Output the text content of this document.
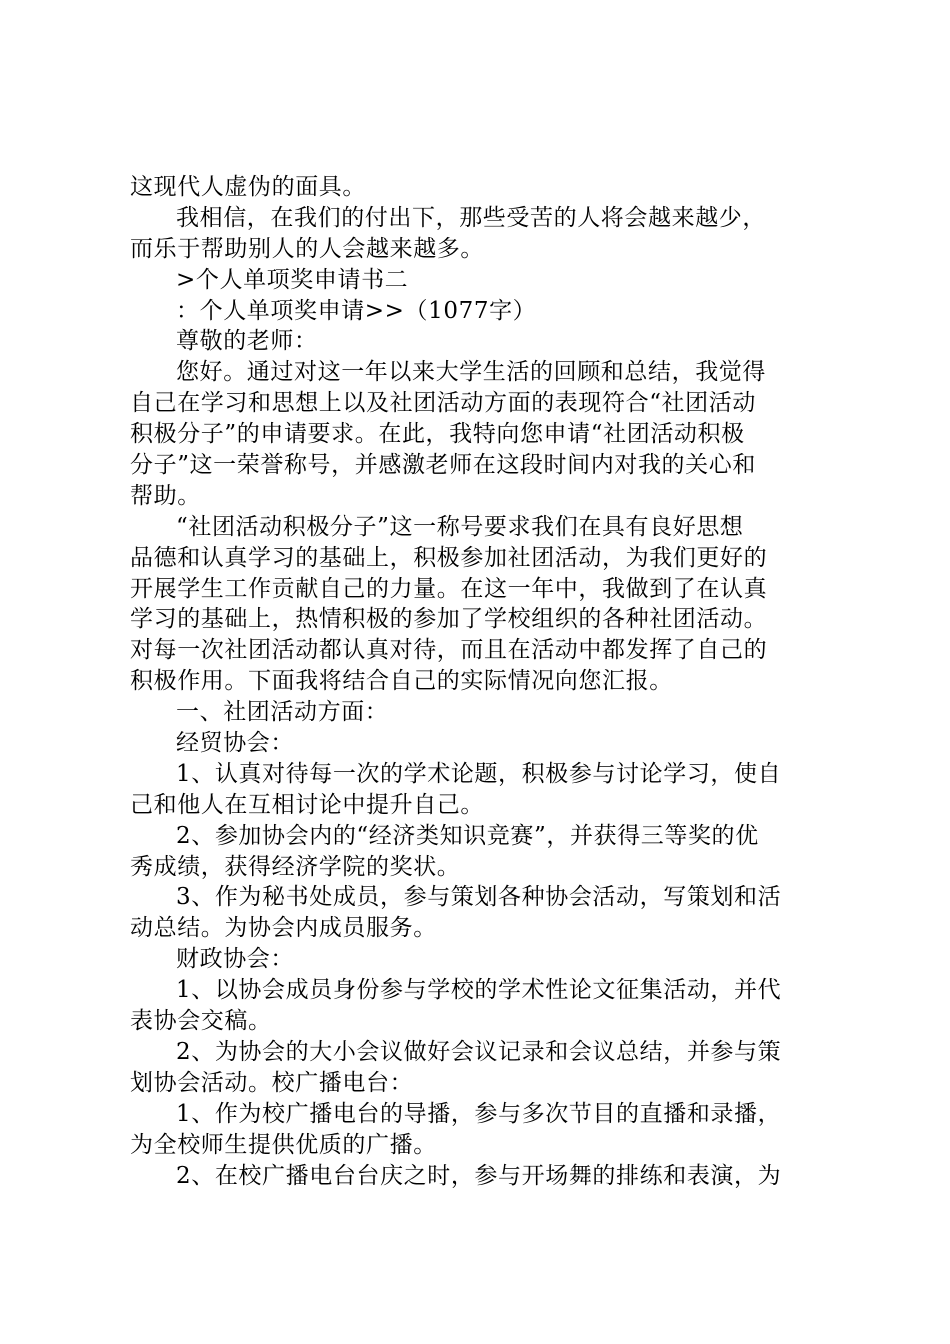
这现代人虚伪的面具。
我相信，在我们的付出下，那些受苦的人将会越来越少，
而乐于帮助别人的人会越来越多。
>个人单项奖申请书二
：个人单项奖申请>>（1077字）
尊敬的老师：
您好。通过对这一年以来大学生活的回顾和总结，我觉得
自己在学习和思想上以及社团活动方面的表现符合“社团活动
积极分子”的申请要求。在此，我特向您申请“社团活动积极
分子”这一荣誉称号，并感激老师在这段时间内对我的关心和
帮助。
“社团活动积极分子”这一称号要求我们在具有良好思想
品德和认真学习的基础上，积极参加社团活动，为我们更好的
开展学生工作贡献自己的力量。在这一年中，我做到了在认真
学习的基础上，热情积极的参加了学校组织的各种社团活动。
对每一次社团活动都认真对待，而且在活动中都发挥了自己的
积极作用。下面我将结合自己的实际情况向您汇报。
一、社团活动方面：
经贸协会：
1、认真对待每一次的学术论题，积极参与讨论学习，使自
己和他人在互相讨论中提升自己。
2、参加协会内的“经济类知识竞赛”，并获得三等奖的优
秀成绩，获得经济学院的奖状。
3、作为秘书处成员，参与策划各种协会活动，写策划和活
动总结。为协会内成员服务。
财政协会：
1、以协会成员身份参与学校的学术性论文征集活动，并代
表协会交稿。
2、为协会的大小会议做好会议记录和会议总结，并参与策
划协会活动。校广播电台：
1、作为校广播电台的导播，参与多次节目的直播和录播，
为全校师生提供优质的广播。
2、在校广播电台台庆之时，参与开场舞的排练和表演，为
